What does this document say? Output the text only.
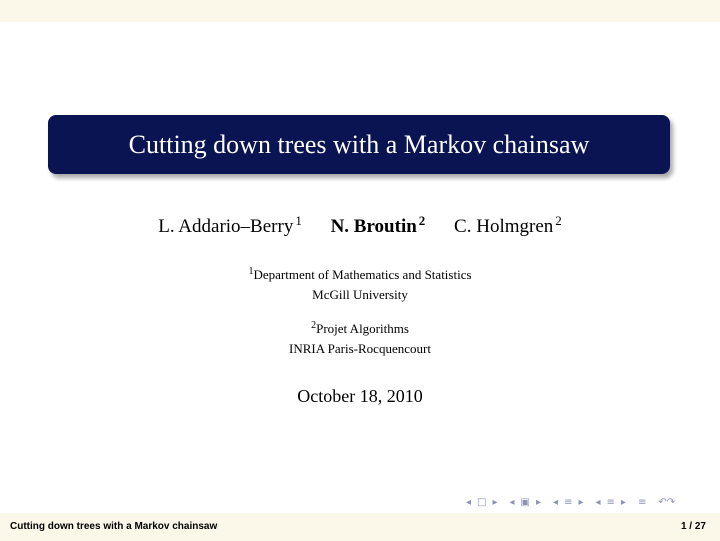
Cutting down trees with a Markov chainsaw
L. Addario–Berry $^1$ N. Broutin $^2$ C. Holmgren $^2$
$^1$Department of Mathematics and Statistics
McGill University
$^2$Projet Algorithms
INRIA Paris-Rocquencourt
October 18, 2010
◂ □ ▸ ◂ ▣ ▸ ◂ ≡ ▸ ◂ ≡ ▸ ≡ ↶↷
Cutting down trees with a Markov chainsaw	1 / 27
